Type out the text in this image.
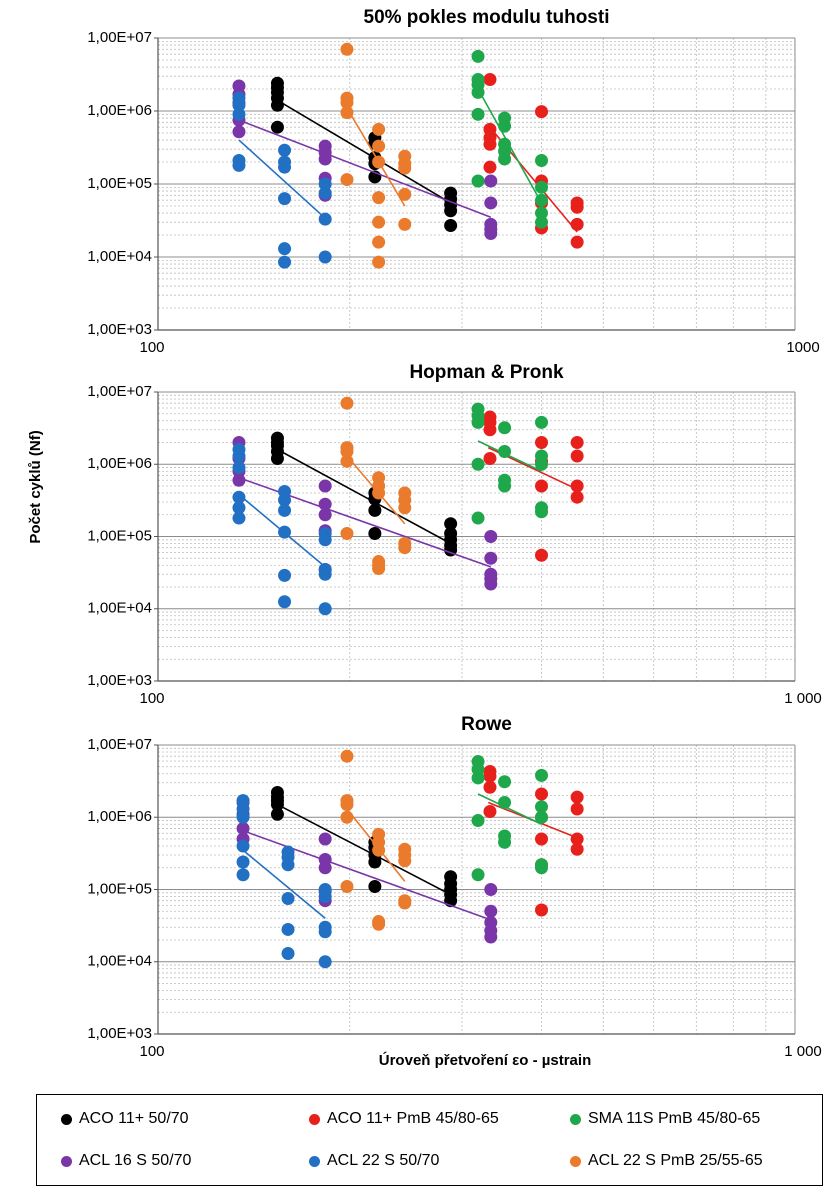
Počet cyklů (Nf)
50% pokles modulu tuhosti
1,00E+03
1,00E+04
1,00E+05
1,00E+06
1,00E+07
100	1000
Hopman & Pronk
1,00E+03
1,00E+04
1,00E+05
1,00E+06
1,00E+07
100	1 000
Rowe
1,00E+03
1,00E+04
1,00E+05
1,00E+06
1,00E+07
100	1 000
Úroveň přetvoření εo - µstrain
ACO 11+ 50/70	ACO 11+ PmB 45/80-65	SMA 11S PmB 45/80-65
ACL 16 S 50/70	ACL 22 S 50/70	ACL 22 S PmB 25/55-65
